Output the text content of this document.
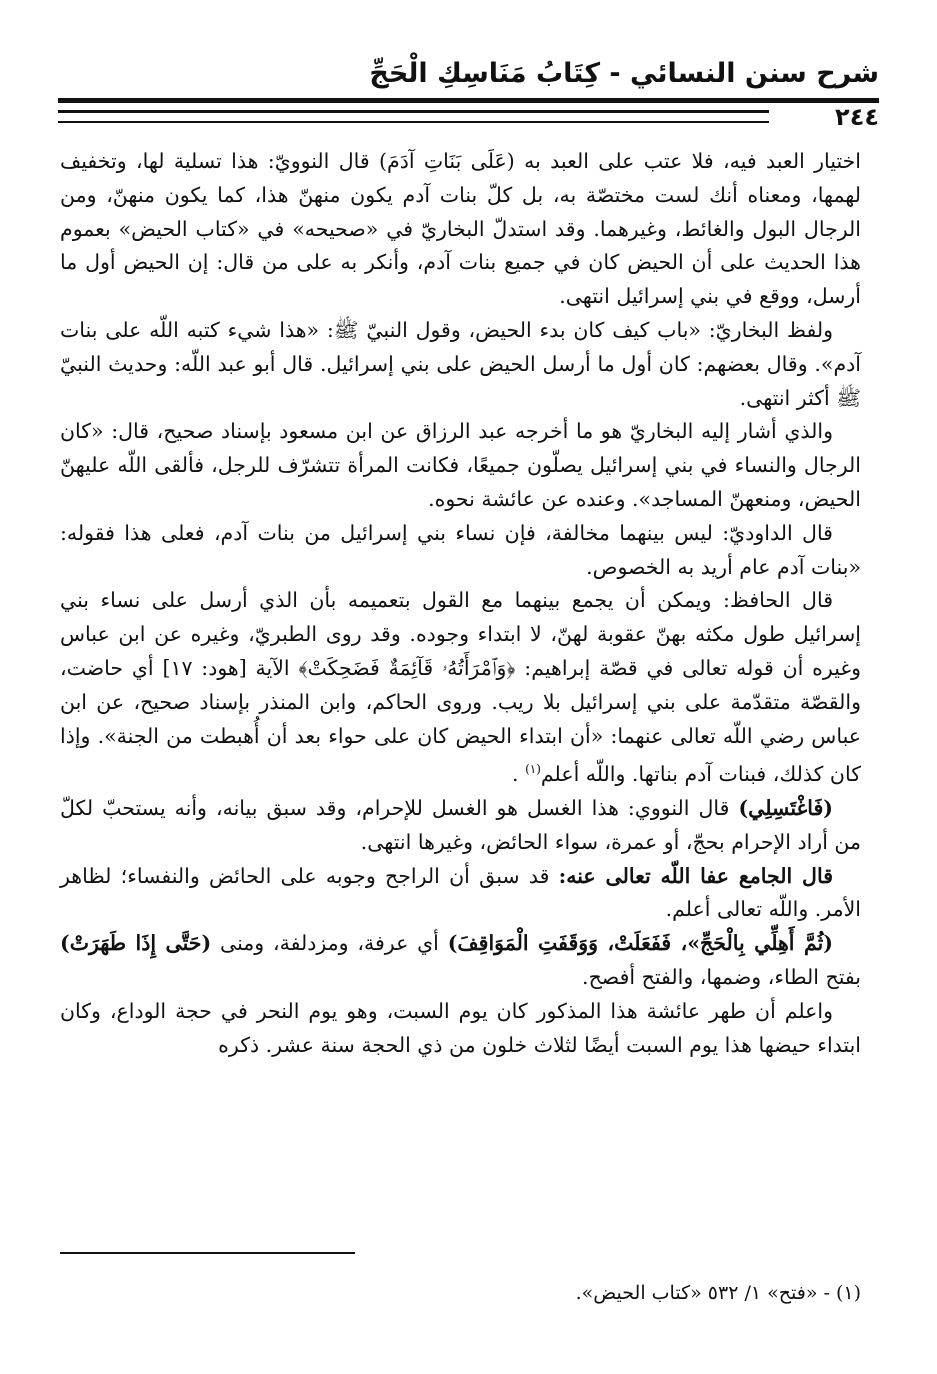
شرح سنن النسائي - كِتَابُ مَنَاسِكِ الْحَجِّ
٢٤٤

اختيار العبد فيه، فلا عتب على العبد به (عَلَى بَنَاتِ آدَمَ) قال النوويّ: هذا تسلية لها، وتخفيف لهمها، ومعناه أنك لست مختصّة به، بل كلّ بنات آدم يكون منهنّ هذا، كما يكون منهنّ، ومن الرجال البول والغائط، وغيرهما. وقد استدلّ البخاريّ في «صحيحه» في «كتاب الحيض» بعموم هذا الحديث على أن الحيض كان في جميع بنات آدم، وأنكر به على من قال: إن الحيض أول ما أرسل، ووقع في بني إسرائيل انتهى.

ولفظ البخاريّ: «باب كيف كان بدء الحيض، وقول النبيّ ﷺ: «هذا شيء كتبه اللّه على بنات آدم». وقال بعضهم: كان أول ما أرسل الحيض على بني إسرائيل. قال أبو عبد اللّه: وحديث النبيّ ﷺ أكثر انتهى.

والذي أشار إليه البخاريّ هو ما أخرجه عبد الرزاق عن ابن مسعود بإسناد صحيح، قال: «كان الرجال والنساء في بني إسرائيل يصلّون جميعًا، فكانت المرأة تتشرّف للرجل، فألقى اللّه عليهنّ الحيض، ومنعهنّ المساجد». وعنده عن عائشة نحوه.

قال الداوديّ: ليس بينهما مخالفة، فإن نساء بني إسرائيل من بنات آدم، فعلى هذا فقوله: «بنات آدم عام أريد به الخصوص.

قال الحافظ: ويمكن أن يجمع بينهما مع القول بتعميمه بأن الذي أرسل على نساء بني إسرائيل طول مكثه بهنّ عقوبة لهنّ، لا ابتداء وجوده. وقد روى الطبريّ، وغيره عن ابن عباس وغيره أن قوله تعالى في قصّة إبراهيم: ﴿وَٱمْرَأَتُهُۥ قَآئِمَةٌ فَضَحِكَتْ﴾ الآية [هود: ١٧] أي حاضت، والقصّة متقدّمة على بني إسرائيل بلا ريب. وروى الحاكم، وابن المنذر بإسناد صحيح، عن ابن عباس رضي اللّه تعالى عنهما: «أن ابتداء الحيض كان على حواء بعد أن أُهبطت من الجنة». وإذا كان كذلك، فبنات آدم بناتها. واللّه أعلم$^{(١)}$ .

(فَاغْتَسِلِي) قال النووي: هذا الغسل هو الغسل للإحرام، وقد سبق بيانه، وأنه يستحبّ لكلّ من أراد الإحرام بحجّ، أو عمرة، سواء الحائض، وغيرها انتهى.

قال الجامع عفا اللّه تعالى عنه: قد سبق أن الراجح وجوبه على الحائض والنفساء؛ لظاهر الأمر. واللّه تعالى أعلم.

(ثُمَّ أَهِلِّي بِالْحَجِّ»، فَفَعَلَتْ، وَوَقَفَتِ الْمَوَاقِفَ) أي عرفة، ومزدلفة، ومنى (حَتَّى إِذَا طَهَرَتْ) بفتح الطاء، وضمها، والفتح أفصح.

واعلم أن طهر عائشة هذا المذكور كان يوم السبت، وهو يوم النحر في حجة الوداع، وكان ابتداء حيضها هذا يوم السبت أيضًا لثلاث خلون من ذي الحجة سنة عشر. ذكره

(١) - «فتح» ١/ ٥٣٢ «كتاب الحيض».
